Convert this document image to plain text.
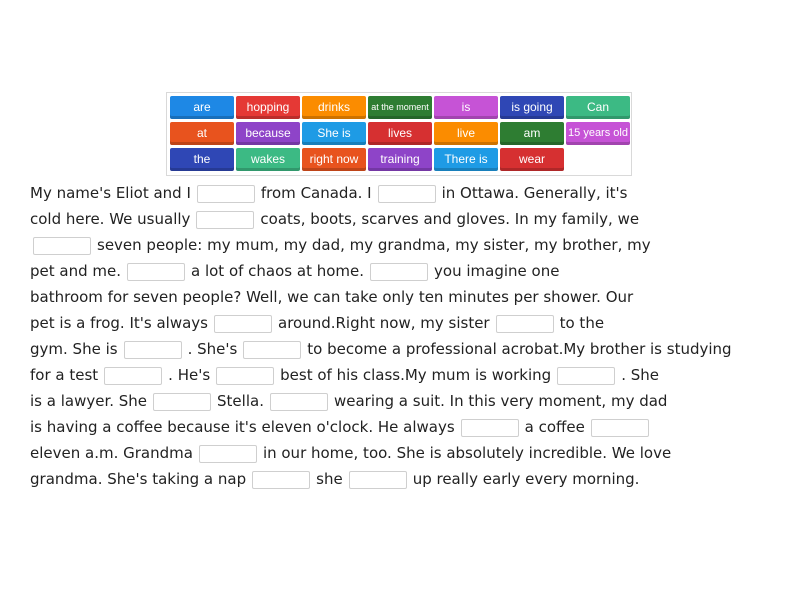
are	hopping	drinks	at the moment	is	is going	Can
at	because	She is	lives	live	am	15 years old
the	wakes	right now	training	There is	wear
My name's Eliot and I	from Canada. I	in Ottawa. Generally, it's
cold here. We usually	coats, boots, scarves and gloves. In my family, we
seven people: my mum, my dad, my grandma, my sister, my brother, my
pet and me.	a lot of chaos at home.	you imagine one
bathroom for seven people? Well, we can take only ten minutes per shower. Our
pet is a frog. It's always	around.Right now, my sister	to the
gym. She is	. She's	to become a professional acrobat.My brother is studying
for a test	. He's	best of his class.My mum is working	. She
is a lawyer. She	Stella.	wearing a suit. In this very moment, my dad
is having a coffee because it's eleven o'clock. He always	a coffee
eleven a.m. Grandma	in our home, too. She is absolutely incredible. We love
grandma. She's taking a nap	she	up really early every morning.
